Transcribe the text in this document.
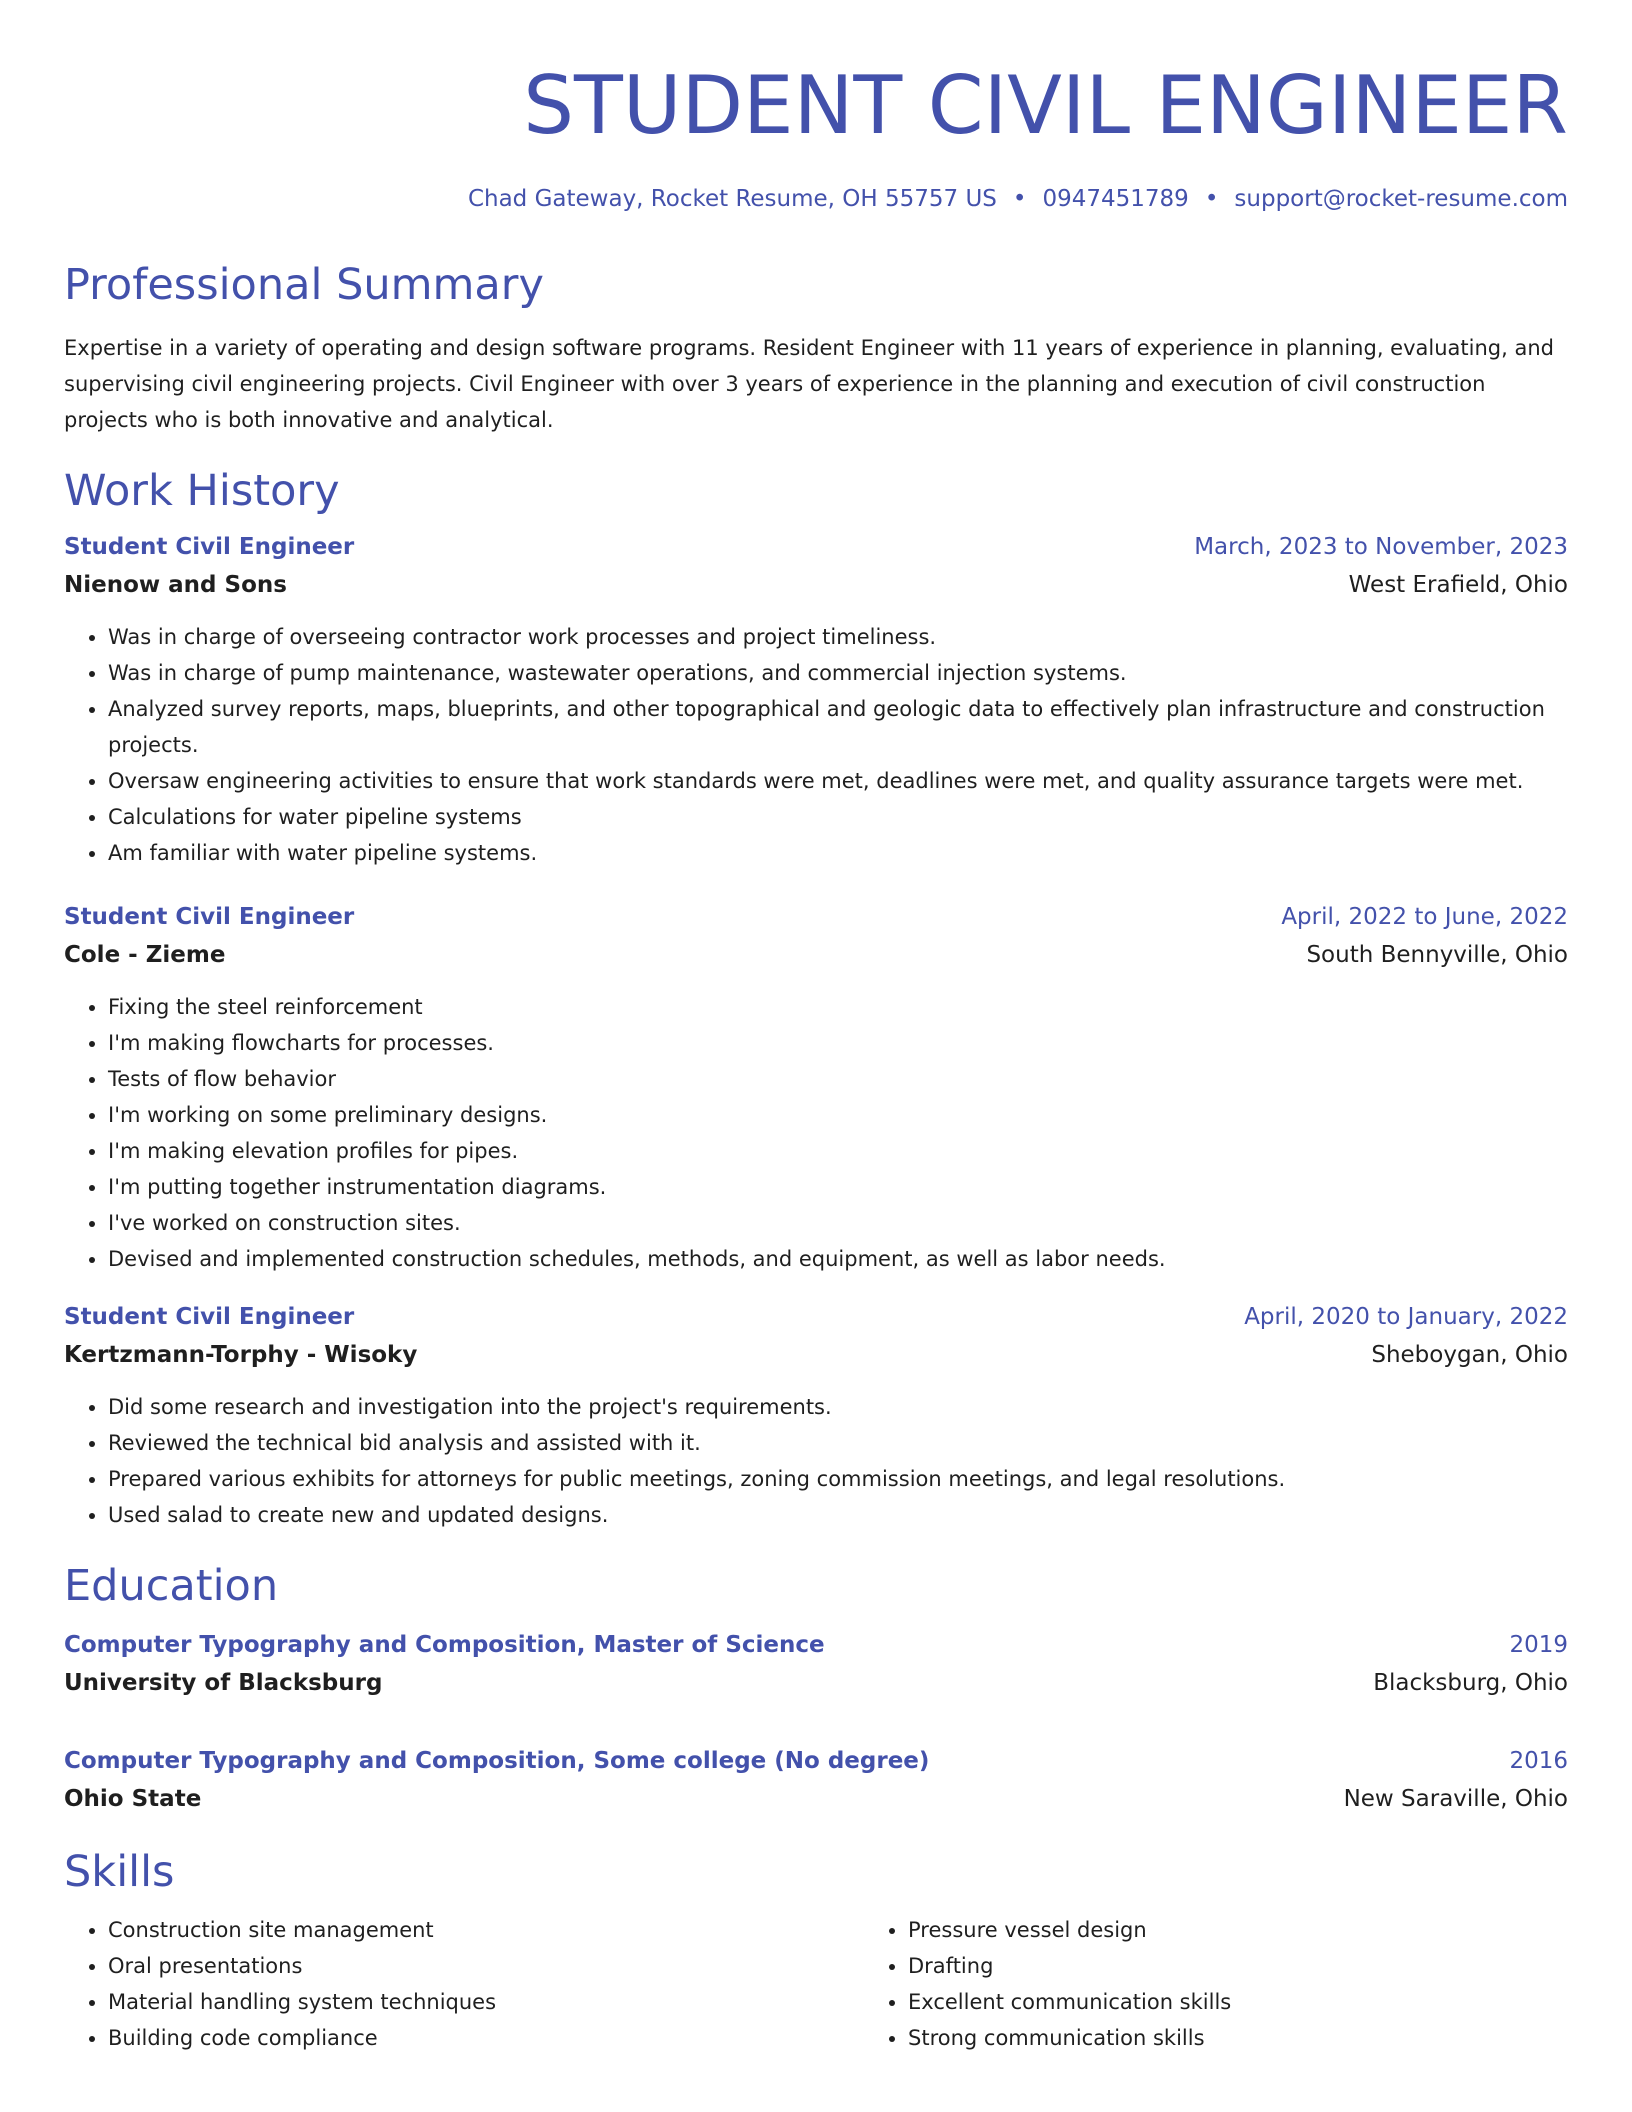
STUDENT CIVIL ENGINEER
Chad Gateway, Rocket Resume, OH 55757 US • 0947451789 • support@rocket-resume.com
Professional Summary
Expertise in a variety of operating and design software programs. Resident Engineer with 11 years of experience in planning, evaluating, and supervising civil engineering projects. Civil Engineer with over 3 years of experience in the planning and execution of civil construction projects who is both innovative and analytical.
Work History
Student Civil Engineer	March, 2023 to November, 2023
Nienow and Sons	West Erafield, Ohio
• Was in charge of overseeing contractor work processes and project timeliness.
• Was in charge of pump maintenance, wastewater operations, and commercial injection systems.
• Analyzed survey reports, maps, blueprints, and other topographical and geologic data to effectively plan infrastructure and construction projects.
• Oversaw engineering activities to ensure that work standards were met, deadlines were met, and quality assurance targets were met.
• Calculations for water pipeline systems
• Am familiar with water pipeline systems.
Student Civil Engineer	April, 2022 to June, 2022
Cole - Zieme	South Bennyville, Ohio
• Fixing the steel reinforcement
• I'm making flowcharts for processes.
• Tests of flow behavior
• I'm working on some preliminary designs.
• I'm making elevation profiles for pipes.
• I'm putting together instrumentation diagrams.
• I've worked on construction sites.
• Devised and implemented construction schedules, methods, and equipment, as well as labor needs.
Student Civil Engineer	April, 2020 to January, 2022
Kertzmann-Torphy - Wisoky	Sheboygan, Ohio
• Did some research and investigation into the project's requirements.
• Reviewed the technical bid analysis and assisted with it.
• Prepared various exhibits for attorneys for public meetings, zoning commission meetings, and legal resolutions.
• Used salad to create new and updated designs.
Education
Computer Typography and Composition, Master of Science	2019
University of Blacksburg	Blacksburg, Ohio
Computer Typography and Composition, Some college (No degree)	2016
Ohio State	New Saraville, Ohio
Skills
• Construction site management
• Oral presentations
• Material handling system techniques
• Building code compliance
• Pressure vessel design
• Drafting
• Excellent communication skills
• Strong communication skills
